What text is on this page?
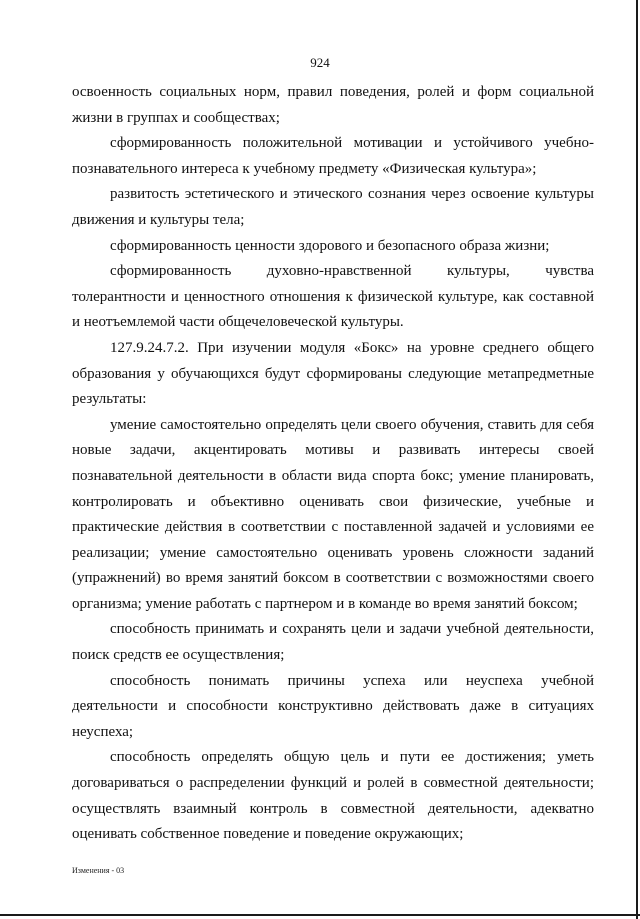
924

освоенность социальных норм, правил поведения, ролей и форм социальной жизни в группах и сообществах;

сформированность положительной мотивации и устойчивого учебно-познавательного интереса к учебному предмету «Физическая культура»;

развитость эстетического и этического сознания через освоение культуры движения и культуры тела;

сформированность ценности здорового и безопасного образа жизни;

сформированность духовно-нравственной культуры, чувства толерантности и ценностного отношения к физической культуре, как составной и неотъемлемой части общечеловеческой культуры.

127.9.24.7.2. При изучении модуля «Бокс» на уровне среднего общего образования у обучающихся будут сформированы следующие метапредметные результаты:

умение самостоятельно определять цели своего обучения, ставить для себя новые задачи, акцентировать мотивы и развивать интересы своей познавательной деятельности в области вида спорта бокс; умение планировать, контролировать и объективно оценивать свои физические, учебные и практические действия в соответствии с поставленной задачей и условиями ее реализации; умение самостоятельно оценивать уровень сложности заданий (упражнений) во время занятий боксом в соответствии с возможностями своего организма; умение работать с партнером и в команде во время занятий боксом;

способность принимать и сохранять цели и задачи учебной деятельности, поиск средств ее осуществления;

способность понимать причины успеха или неуспеха учебной деятельности и способности конструктивно действовать даже в ситуациях неуспеха;

способность определять общую цель и пути ее достижения; уметь договариваться о распределении функций и ролей в совместной деятельности; осуществлять взаимный контроль в совместной деятельности, адекватно оценивать собственное поведение и поведение окружающих;

Изменения - 03
